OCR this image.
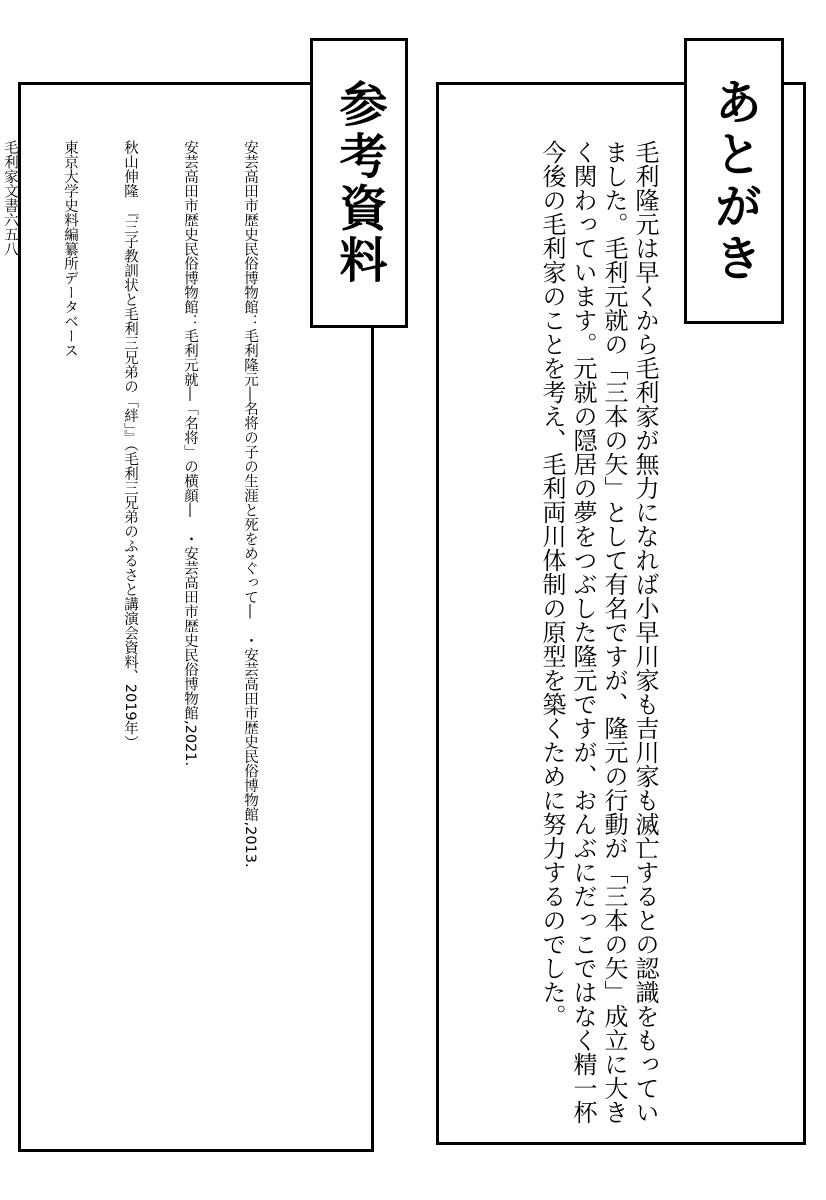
安芸高田市歴史民俗博物館：毛利隆元―名将の子の生涯と死をめぐって―　・安芸高田市歴史民俗博物館,2013.

安芸高田市歴史民俗博物館：毛利元就―「名将」の横顔―　・安芸高田市歴史民俗博物館,2021.

秋山伸隆　『三子教訓状と毛利三兄弟の「絆」』（毛利三兄弟のふるさと講演会資料、2019年）

東京大学史料編纂所データベース

毛利家文書六五八

	毛利隆元は早くから毛利家が無力になれば小早川家も吉川家も滅亡するとの認識をもっていました。毛利元就の「三本の矢」として有名ですが、隆元の行動が「三本の矢」成立に大きく関わっています。元就の隠居の夢をつぶした隆元ですが、おんぶにだっこではなく精一杯今後の毛利家のことを考え、毛利両川体制の原型を築くために努力するのでした。

参考資料	あとがき
